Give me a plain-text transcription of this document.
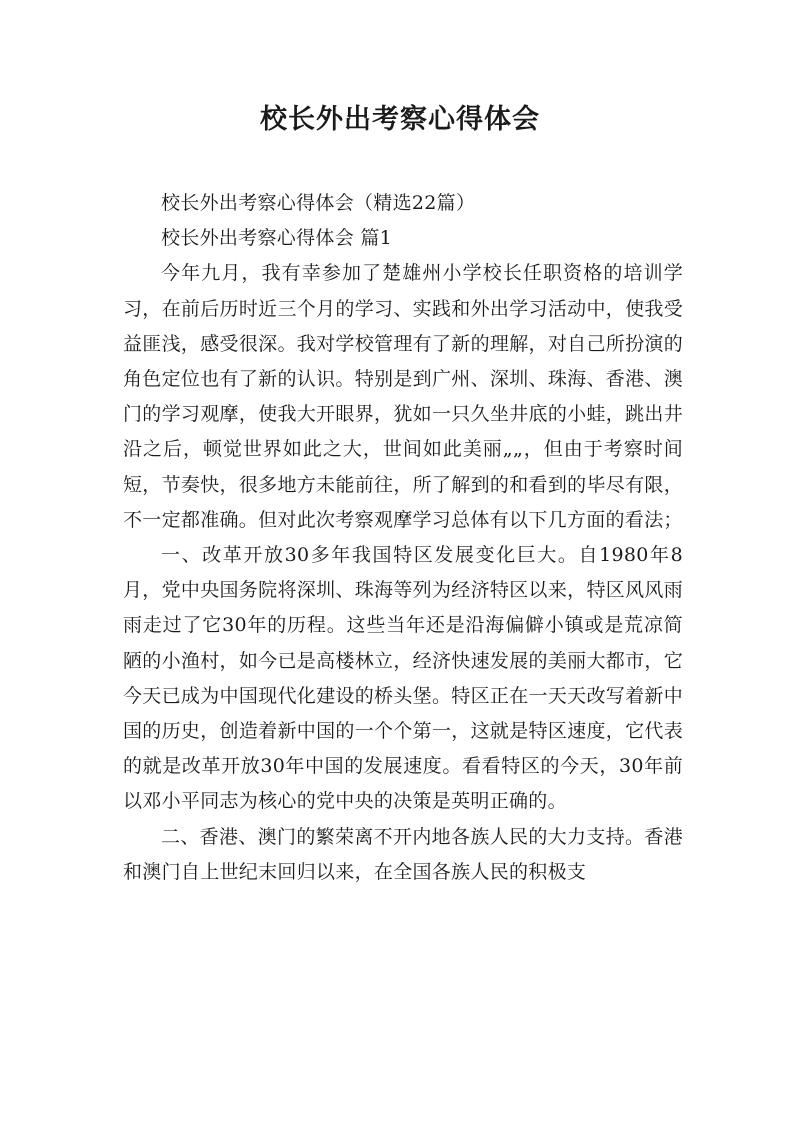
校长外出考察心得体会

校长外出考察心得体会（精选22篇）

校长外出考察心得体会 篇1

今年九月，我有幸参加了楚雄州小学校长任职资格的培训学习，在前后历时近三个月的学习、实践和外出学习活动中，使我受益匪浅，感受很深。我对学校管理有了新的理解，对自己所扮演的角色定位也有了新的认识。特别是到广州、深圳、珠海、香港、澳门的学习观摩，使我大开眼界，犹如一只久坐井底的小蛙，跳出井沿之后，顿觉世界如此之大，世间如此美丽„„，但由于考察时间短，节奏快，很多地方未能前往，所了解到的和看到的毕尽有限，不一定都准确。但对此次考察观摩学习总体有以下几方面的看法；

一、改革开放30多年我国特区发展变化巨大。自1980年8月，党中央国务院将深圳、珠海等列为经济特区以来，特区风风雨雨走过了它30年的历程。这些当年还是沿海偏僻小镇或是荒凉简陋的小渔村，如今已是高楼林立，经济快速发展的美丽大都市，它今天已成为中国现代化建设的桥头堡。特区正在一天天改写着新中国的历史，创造着新中国的一个个第一，这就是特区速度，它代表的就是改革开放30年中国的发展速度。看看特区的今天，30年前以邓小平同志为核心的党中央的决策是英明正确的。

二、香港、澳门的繁荣离不开内地各族人民的大力支持。香港和澳门自上世纪末回归以来，在全国各族人民的积极支
